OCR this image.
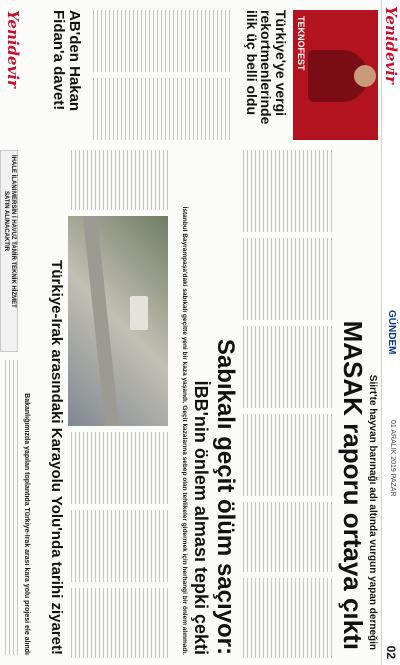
Yenidevir
02
GÜNDEM
01 ARALIK 2019 PAZAR
Siirt'te hayvan barınağı adı altında vurgun yapan derneğin
MASAK raporu ortaya çıktı
TEKNOFEST
Türkiye'ye vergi rekortmenlerinde ilik üç belli oldu
Sabıkalı geçit ölüm saçıyor:
İBB'nin önlem alması tepki çekti
İstanbul Bayrampaşa'daki sabıkalı geçitte yeni bir kaza yaşandı. Geçit kazalarına sebep olan tehlikeler gidermek için herhangi bir önlem alınmadı.
AB'den Hakan Fidan'a davet!
Türkiye-Irak arasındaki Karayolu Yolu'nda tarihi ziyaret!
Bakanlığımızda yapılan toplantıda Türkiye-Irak arası kara yolu projesi ele alındı
İHALE İLANI
MERSİN İ HAVUZ TAMİR TEKNİK HİZMET
SATIN ALINACAKTIR
Yenidevir
